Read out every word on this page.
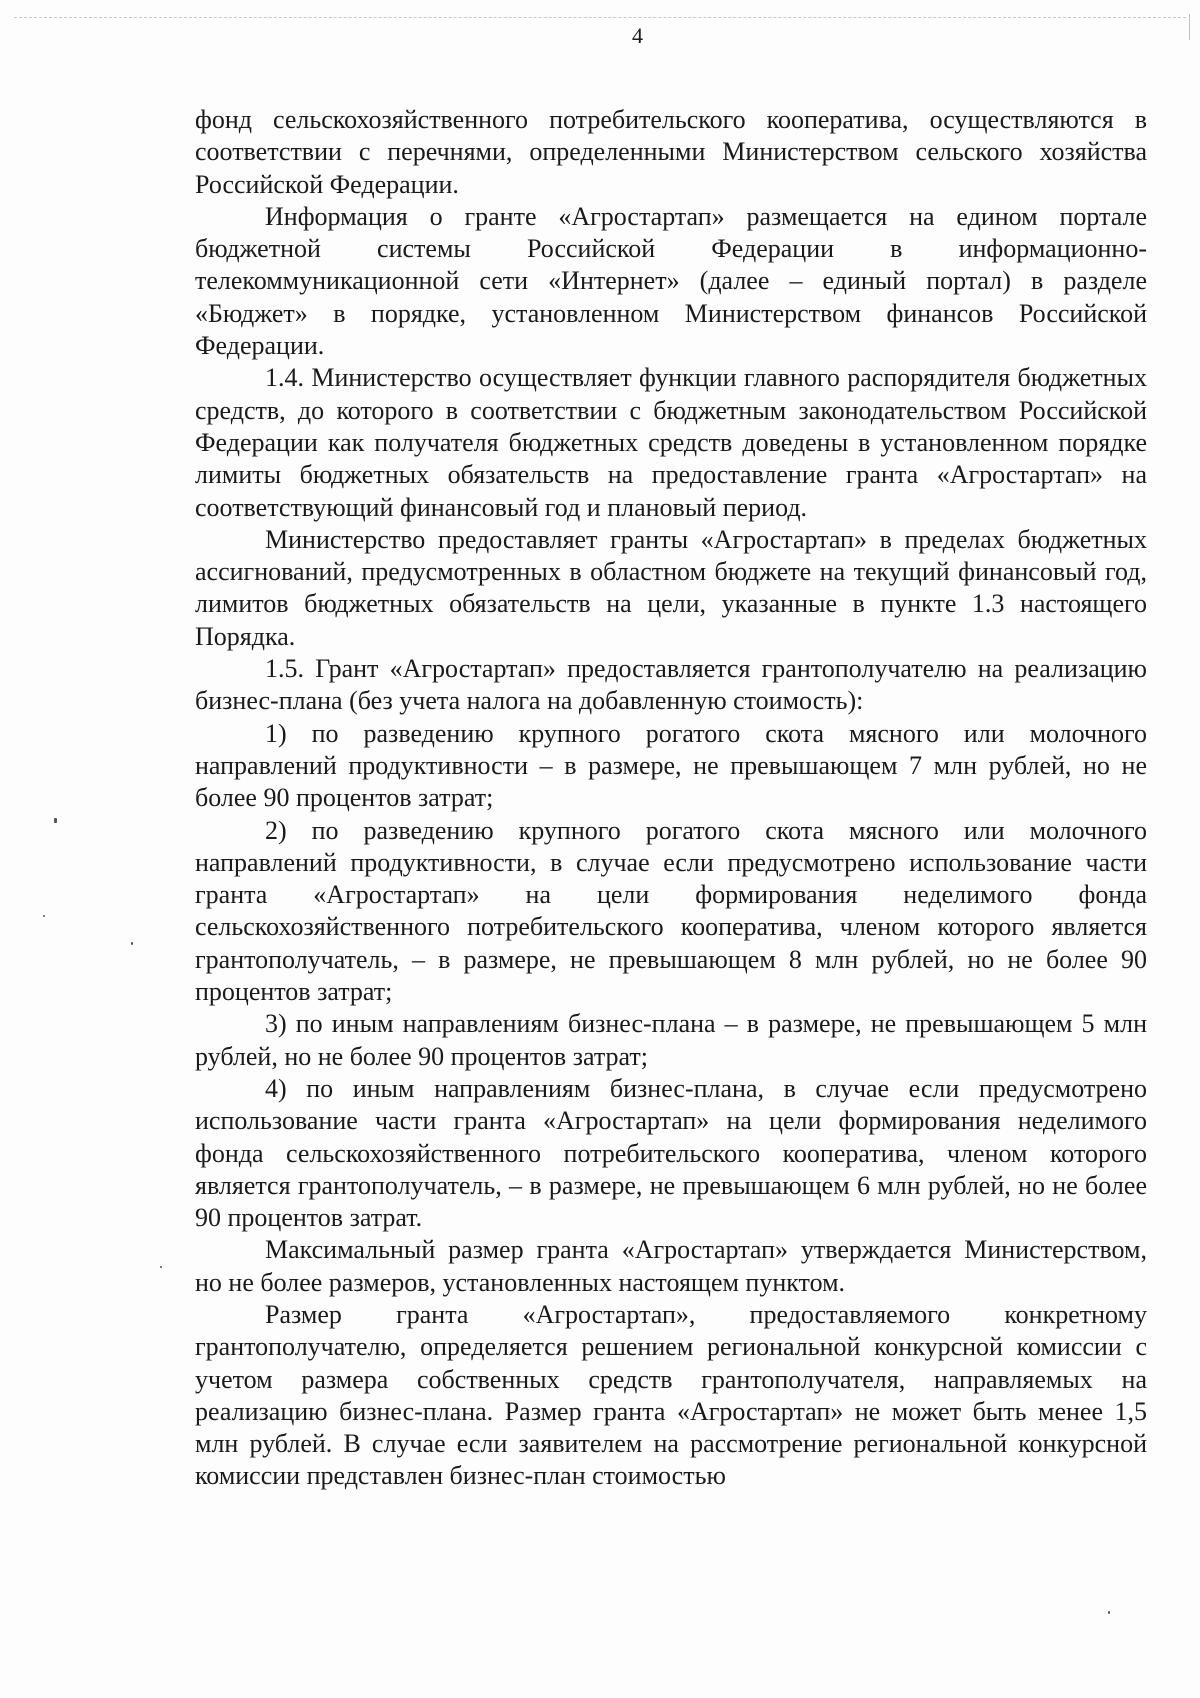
4

фонд сельскохозяйственного потребительского кооператива, осуществляются в соответствии с перечнями, определенными Министерством сельского хозяйства Российской Федерации.

Информация о гранте «Агростартап» размещается на едином портале бюджетной системы Российской Федерации в информационно-телекоммуникационной сети «Интернет» (далее – единый портал) в разделе «Бюджет» в порядке, установленном Министерством финансов Российской Федерации.

1.4. Министерство осуществляет функции главного распорядителя бюджетных средств, до которого в соответствии с бюджетным законодательством Российской Федерации как получателя бюджетных средств доведены в установленном порядке лимиты бюджетных обязательств на предоставление гранта «Агростартап» на соответствующий финансовый год и плановый период.

Министерство предоставляет гранты «Агростартап» в пределах бюджетных ассигнований, предусмотренных в областном бюджете на текущий финансовый год, лимитов бюджетных обязательств на цели, указанные в пункте 1.3 настоящего Порядка.

1.5. Грант «Агростартап» предоставляется грантополучателю на реализацию бизнес-плана (без учета налога на добавленную стоимость):

1) по разведению крупного рогатого скота мясного или молочного направлений продуктивности – в размере, не превышающем 7 млн рублей, но не более 90 процентов затрат;

2) по разведению крупного рогатого скота мясного или молочного направлений продуктивности, в случае если предусмотрено использование части гранта «Агростартап» на цели формирования неделимого фонда сельскохозяйственного потребительского кооператива, членом которого является грантополучатель, – в размере, не превышающем 8 млн рублей, но не более 90 процентов затрат;

3) по иным направлениям бизнес-плана – в размере, не превышающем 5 млн рублей, но не более 90 процентов затрат;

4) по иным направлениям бизнес-плана, в случае если предусмотрено использование части гранта «Агростартап» на цели формирования неделимого фонда сельскохозяйственного потребительского кооператива, членом которого является грантополучатель, – в размере, не превышающем 6 млн рублей, но не более 90 процентов затрат.

Максимальный размер гранта «Агростартап» утверждается Министерством, но не более размеров, установленных настоящем пунктом.

Размер гранта «Агростартап», предоставляемого конкретному грантополучателю, определяется решением региональной конкурсной комиссии с учетом размера собственных средств грантополучателя, направляемых на реализацию бизнес-плана. Размер гранта «Агростартап» не может быть менее 1,5 млн рублей. В случае если заявителем на рассмотрение региональной конкурсной комиссии представлен бизнес-план стоимостью
